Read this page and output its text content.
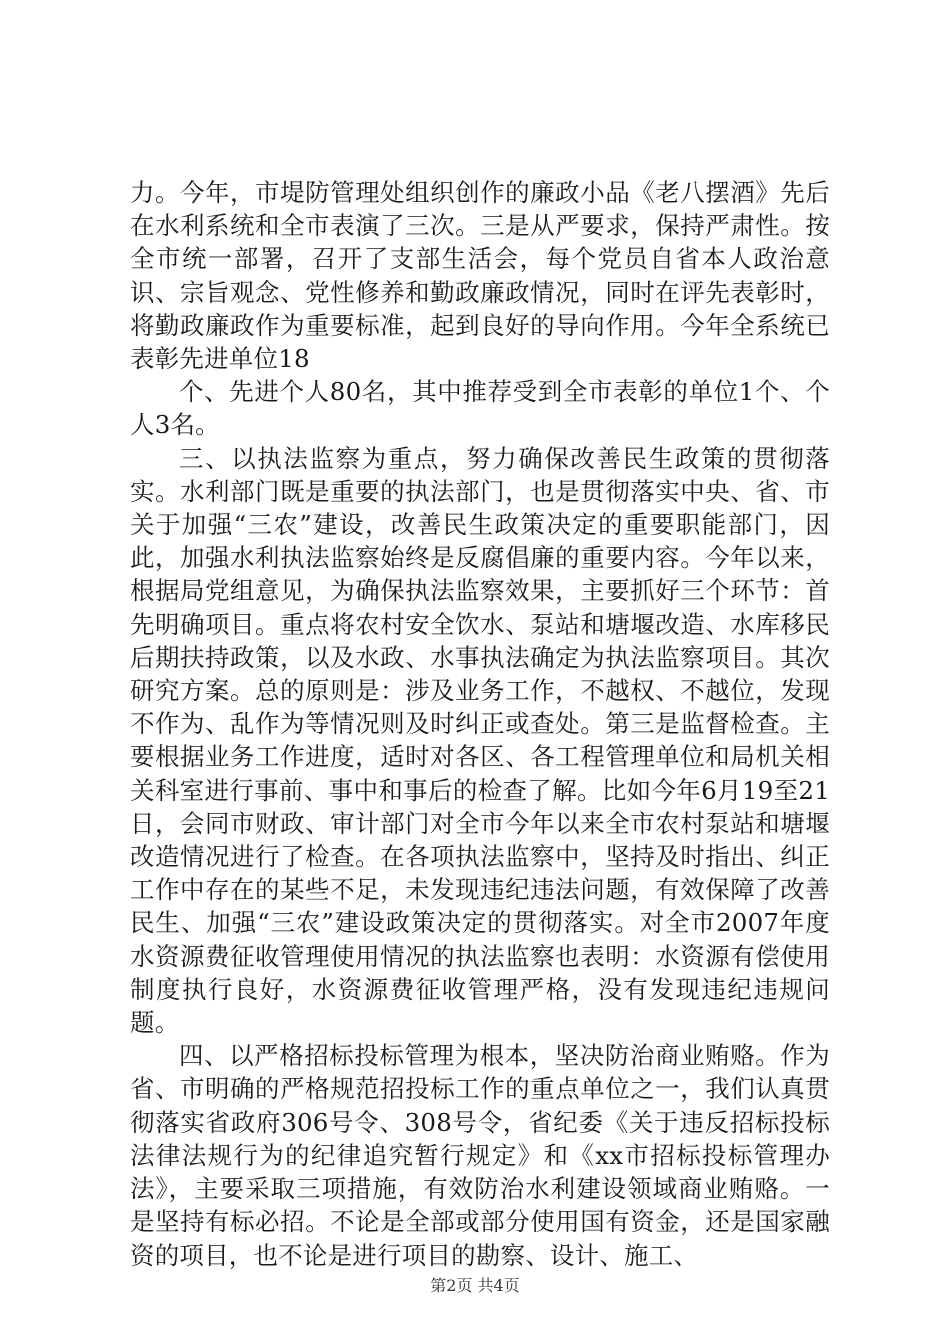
力。今年，市堤防管理处组织创作的廉政小品《老八摆酒》先后在水利系统和全市表演了三次。三是从严要求，保持严肃性。按全市统一部署，召开了支部生活会，每个党员自省本人政治意识、宗旨观念、党性修养和勤政廉政情况，同时在评先表彰时，将勤政廉政作为重要标准，起到良好的导向作用。今年全系统已表彰先进单位18

个、先进个人80名，其中推荐受到全市表彰的单位1个、个人3名。

三、以执法监察为重点，努力确保改善民生政策的贯彻落实。水利部门既是重要的执法部门，也是贯彻落实中央、省、市关于加强“三农”建设，改善民生政策决定的重要职能部门，因此，加强水利执法监察始终是反腐倡廉的重要内容。今年以来，根据局党组意见，为确保执法监察效果，主要抓好三个环节：首先明确项目。重点将农村安全饮水、泵站和塘堰改造、水库移民后期扶持政策，以及水政、水事执法确定为执法监察项目。其次研究方案。总的原则是：涉及业务工作，不越权、不越位，发现不作为、乱作为等情况则及时纠正或查处。第三是监督检查。主要根据业务工作进度，适时对各区、各工程管理单位和局机关相关科室进行事前、事中和事后的检查了解。比如今年6月19至21日，会同市财政、审计部门对全市今年以来全市农村泵站和塘堰改造情况进行了检查。在各项执法监察中，坚持及时指出、纠正工作中存在的某些不足，未发现违纪违法问题，有效保障了改善民生、加强“三农”建设政策决定的贯彻落实。对全市2007年度水资源费征收管理使用情况的执法监察也表明：水资源有偿使用制度执行良好，水资源费征收管理严格，没有发现违纪违规问题。

四、以严格招标投标管理为根本，坚决防治商业贿赂。作为省、市明确的严格规范招投标工作的重点单位之一，我们认真贯彻落实省政府306号令、308号令，省纪委《关于违反招标投标法律法规行为的纪律追究暂行规定》和《xx市招标投标管理办法》，主要采取三项措施，有效防治水利建设领域商业贿赂。一是坚持有标必招。不论是全部或部分使用国有资金，还是国家融资的项目，也不论是进行项目的勘察、设计、施工、

第2页 共4页
